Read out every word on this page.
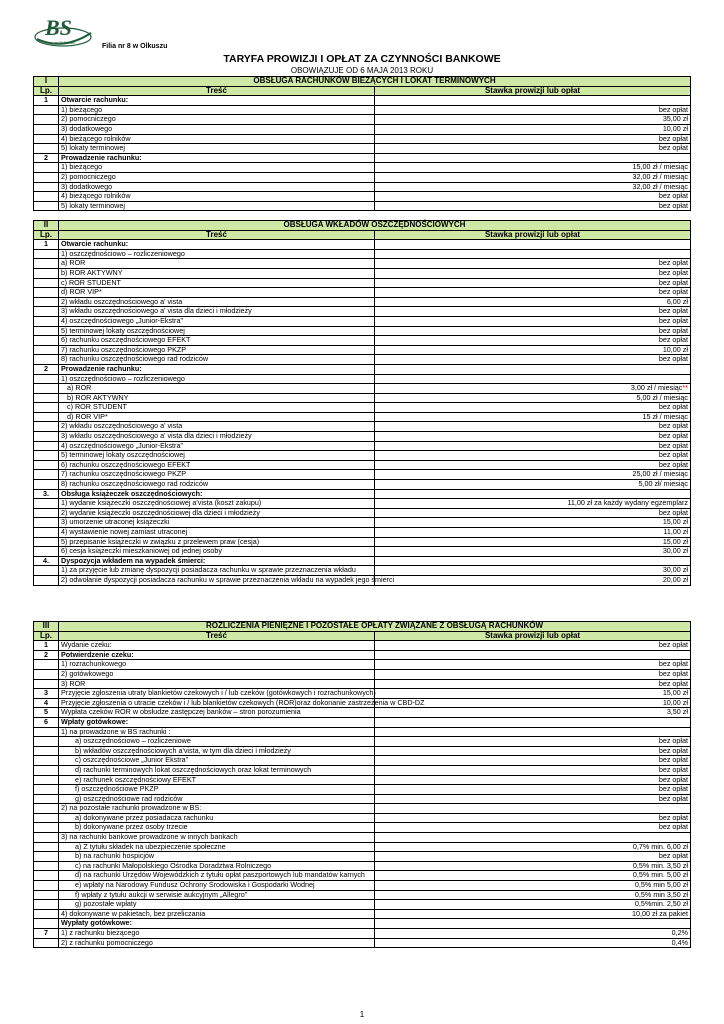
BS
w SKAWINIE	Filia nr 8 w Olkuszu
TARYFA PROWIZJI I OPŁAT ZA CZYNNOŚCI BANKOWE
OBOWIĄZUJE OD 6 MAJA 2013 ROKU
I	OBSŁUGA RACHUNKÓW BIEŻĄCYCH I LOKAT TERMINOWYCH	
Lp.	Treść	Stawka prowizji lub opłat
1	Otwarcie rachunku:	
	1) bieżącego	bez opłat
	2) pomocniczego	35,00 zł
	3) dodatkowego	10,00 zł
	4) bieżącego rolników	bez opłat
	5) lokaty terminowej	bez opłat
2	Prowadzenie rachunku:	
	1) bieżącego	15,00 zł / miesiąc
	2) pomocniczego	32,00 zł / miesiąc
	3) dodatkowego	32,00 zł / miesiąc
	4) bieżącego rolników	bez opłat
	5) lokaty terminowej	bez opłat
II	OBSŁUGA WKŁADÓW OSZCZĘDNOŚCIOWYCH	
Lp.	Treść	Stawka prowizji lub opłat
1	Otwarcie rachunku:	
	1) oszczędnościowo – rozliczeniowego	
	a) ROR	bez opłat
	b) ROR AKTYWNY	bez opłat
	c) ROR STUDENT	bez opłat
	d) ROR VIP*	bez opłat
	2) wkładu oszczędnościowego a' vista	6,00 zł
	3) wkładu oszczędnościowego a' vista dla dzieci i młodzieży	bez opłat
	4) oszczędnościowego „Junior-Ekstra”	bez opłat
	5) terminowej lokaty oszczędnościowej	bez opłat
	6) rachunku oszczędnościowego EFEKT	bez opłat
	7) rachunku oszczędnościowego PKZP	10,00 zł
	8) rachunku oszczędnościowego rad rodziców	bez opłat
2	Prowadzenie rachunku:	
	1) oszczędnościowo – rozliczeniowego	
	a) ROR	3,00 zł / miesiąc**
	b) ROR AKTYWNY	5,00 zł / miesiąc
	c) ROR STUDENT	bez opłat
	d) ROR VIP*	15 zł / miesiąc
	2) wkładu oszczędnościowego a' vista	bez opłat
	3) wkładu oszczędnościowego a' vista dla dzieci i młodzieży	bez opłat
	4) oszczędnościowego „Junior-Ekstra”	bez opłat
	5) terminowej lokaty oszczędnościowej	bez opłat
	6) rachunku oszczędnościowego EFEKT	bez opłat
	7) rachunku oszczędnościowego PKZP	25,00 zł / miesiąc
	8) rachunku oszczędnościowego rad rodziców	5,00 zł/ miesiąc
3.	Obsługa książeczek oszczędnościowych:	
	1) wydanie książeczki oszczędnościowej a'vista (koszt zakupu)	11,00 zł za każdy wydany egzemplarz
	2) wydanie książeczki oszczędnościowej dla dzieci i młodzieży	bez opłat
	3) umorzenie utraconej książeczki	15,00 zł
	4) wystawienie nowej zamiast utraconej	11,00 zł
	5) przepisanie książeczki w związku z przelewem praw (cesja)	15,00 zł
	6) cesja książeczki mieszkaniowej od jednej osoby	30,00 zł
4.	Dyspozycja wkładem na wypadek śmierci:	
	1) za przyjęcie lub zmianę dyspozycji posiadacza rachunku w sprawie przeznaczenia wkładu	30,00 zł
	2) odwołanie dyspozycji posiadacza rachunku w sprawie przeznaczenia wkładu na wypadek jego śmierci	20,00 zł
III	ROZLICZENIA PIENIĘŻNE I POZOSTAŁE OPŁATY ZWIĄZANE Z OBSŁUGĄ RACHUNKÓW	
Lp.	Treść	Stawka prowizji lub opłat
1	Wydanie czeku:	bez opłat
2	Potwierdzenie czeku:	
	1) rozrachunkowego	bez opłat
	2) gotówkowego	bez opłat
	3) ROR	bez opłat
3	Przyjęcie zgłoszenia utraty blankietów czekowych i / lub czeków (gotówkowych i rozrachunkowych)	15,00 zł
4	Przyjęcie zgłoszenia o utracie czeków i / lub blankietów czekowych (ROR)oraz dokonanie zastrzeżenia w CBD-DZ	10,00 zł
5	Wypłata czeków ROR w obsłudze zastępczej banków – stron porozumienia	3,50 zł
6	Wpłaty gotówkowe:	
	1) na prowadzone w BS rachunki :	
	a) oszczędnościowo – rozliczeniowe	bez opłat
	b) wkładów oszczędnościowych a'vista, w tym dla dzieci i młodzieży	bez opłat
	c) oszczędnościowe „Junior Ekstra”	bez opłat
	d) rachunki terminowych lokat oszczędnościowych oraz lokat terminowych	bez opłat
	e) rachunek oszczędnościowy EFEKT	bez opłat
	f) oszczędnościowe PKZP	bez opłat
	g) oszczędnościowe rad rodziców	bez opłat
	2) na pozostałe rachunki prowadzone w BS:	
	a) dokonywane przez posiadacza rachunku	bez opłat
	b) dokonywane przez osoby trzecie	bez opłat
	3) na rachunki bankowe prowadzone w innych bankach	
	a) Z tytułu składek na ubezpieczenie społeczne	0,7% min. 6,00 zł
	b) na rachunki hospicjów	bez opłat
	c) na rachunki Małopolskiego Ośrodka Doradztwa Rolniczego	0,5% min. 3,50 zł
	d) na rachunki Urzędów Wojewódzkich z tytułu opłat paszportowych lub mandatów karnych	0,5% min. 5,00 zł
	e) wpłaty na Narodowy Fundusz Ochrony Środowiska i Gospodarki Wodnej	0,5% min 5,00 zł
	f) wpłaty z tytułu aukcji w serwisie aukcyjnym „Allegro”	0,5% min 3,50 zł
	g) pozostałe wpłaty	0,5%min. 2,50 zł
	4) dokonywane w pakietach, bez przeliczania	10,00 zł za pakiet
	Wypłaty gotówkowe:	
7	1) z rachunku bieżącego	0,2%
	2) z rachunku pomocniczego	0,4%
1
